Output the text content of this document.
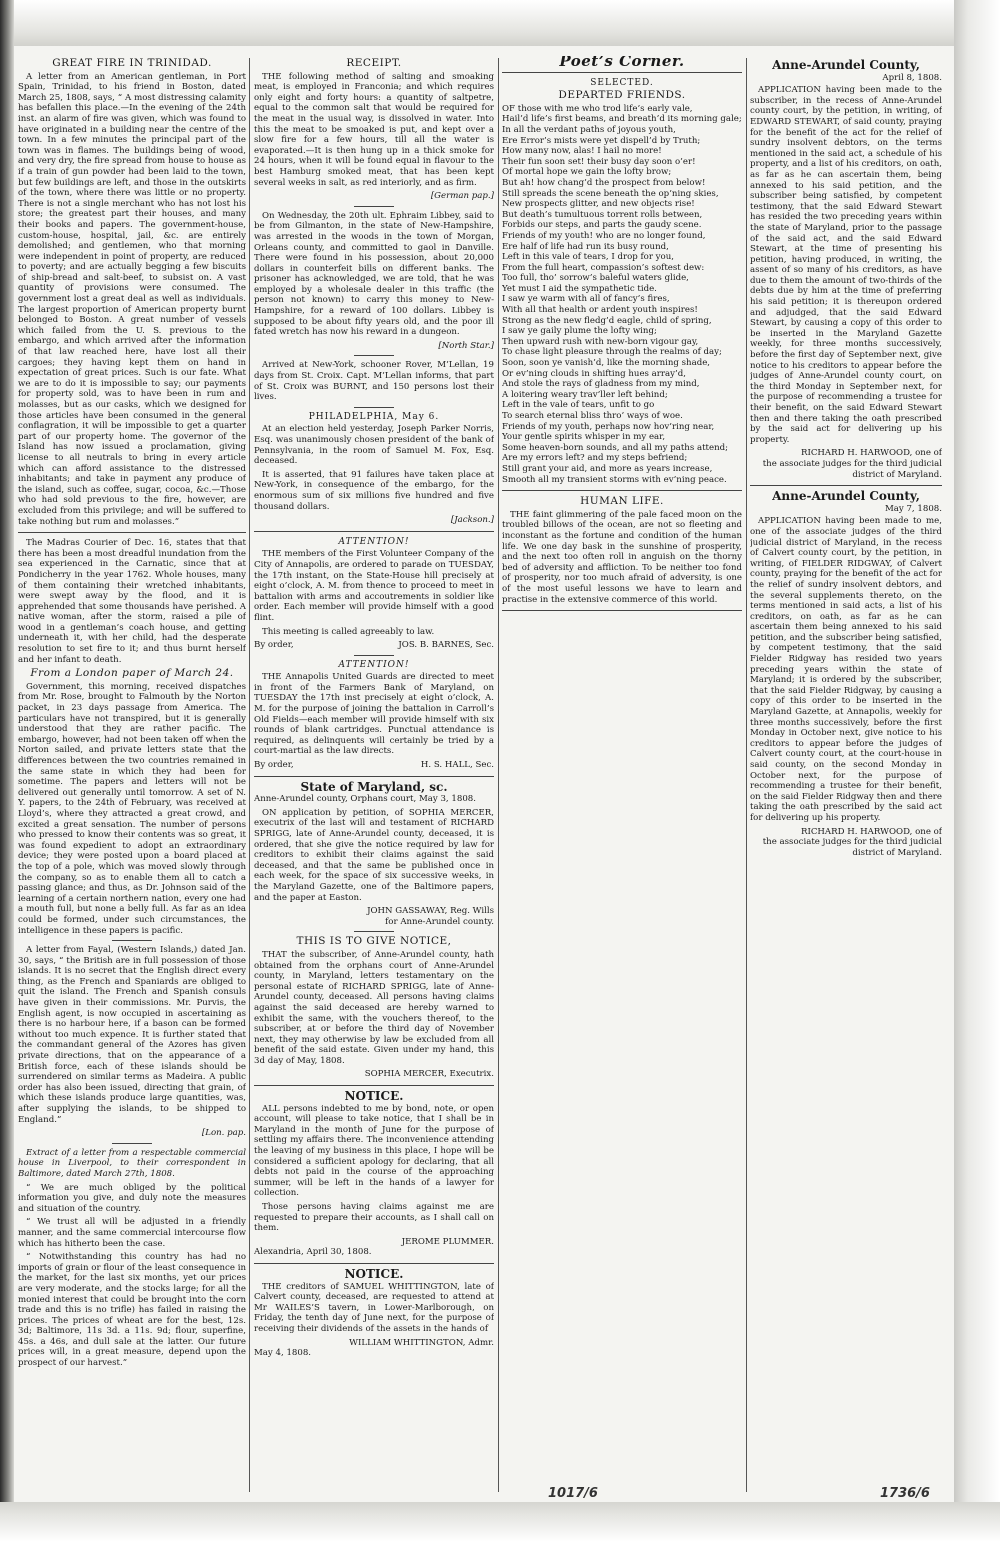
GREAT FIRE IN TRINIDAD.

A letter from an American gentleman, in Port Spain, Trinidad, to his friend in Boston, dated March 25, 1808, says, “ A most distressing calamity has befallen this place.—In the evening of the 24th inst. an alarm of fire was given, which was found to have originated in a building near the centre of the town. In a few minutes the principal part of the town was in flames. The buildings being of wood, and very dry, the fire spread from house to house as if a train of gun powder had been laid to the town, but few buildings are left, and those in the outskirts of the town, where there was little or no property. There is not a single merchant who has not lost his store; the greatest part their houses, and many their books and papers. The government-house, custom-house, hospital, jail, &c. are entirely demolished; and gentlemen, who that morning were independent in point of property, are reduced to poverty; and are actually begging a few biscuits of ship-bread and salt-beef, to subsist on. A vast quantity of provisions were consumed. The government lost a great deal as well as individuals. The largest proportion of American property burnt belonged to Boston. A great number of vessels which failed from the U. S. previous to the embargo, and which arrived after the information of that law reached here, have lost all their cargoes; they having kept them on hand in expectation of great prices. Such is our fate. What we are to do it is impossible to say; our payments for property sold, was to have been in rum and molasses, but as our casks, which we designed for those articles have been consumed in the general conflagration, it will be impossible to get a quarter part of our property home. The governor of the Island has now issued a proclamation, giving license to all neutrals to bring in every article which can afford assistance to the distressed inhabitants; and take in payment any produce of the island, such as coffee, sugar, cocoa, &c.—Those who had sold previous to the fire, however, are excluded from this privilege; and will be suffered to take nothing but rum and molasses.”

The Madras Courier of Dec. 16, states that that there has been a most dreadful inundation from the sea experienced in the Carnatic, since that at Pondicherry in the year 1762. Whole houses, many of them containing their wretched inhabitants, were swept away by the flood, and it is apprehended that some thousands have perished. A native woman, after the storm, raised a pile of wood in a gentleman’s coach house, and getting underneath it, with her child, had the desperate resolution to set fire to it; and thus burnt herself and her infant to death.

From a London paper of March 24.

Government, this morning, received dispatches from Mr. Rose, brought to Falmouth by the Norton packet, in 23 days passage from America. The particulars have not transpired, but it is generally understood that they are rather pacific. The embargo, however, had not been taken off when the Norton sailed, and private letters state that the differences between the two countries remained in the same state in which they had been for sometime. The papers and letters will not be delivered out generally until tomorrow. A set of N. Y. papers, to the 24th of February, was received at Lloyd’s, where they attracted a great crowd, and excited a great sensation. The number of persons who pressed to know their contents was so great, it was found expedient to adopt an extraordinary device; they were posted upon a board placed at the top of a pole, which was moved slowly through the company, so as to enable them all to catch a passing glance; and thus, as Dr. Johnson said of the learning of a certain northern nation, every one had a mouth full, but none a belly full. As far as an idea could be formed, under such circumstances, the intelligence in these papers is pacific.

A letter from Fayal, (Western Islands,) dated Jan. 30, says, “ the British are in full possession of those islands. It is no secret that the English direct every thing, as the French and Spaniards are obliged to quit the island. The French and Spanish consuls have given in their commissions. Mr. Purvis, the English agent, is now occupied in ascertaining as there is no harbour here, if a bason can be formed without too much expence. It is further stated that the commandant general of the Azores has given private directions, that on the appearance of a British force, each of these islands should be surrendered on similar terms as Madeira. A public order has also been issued, directing that grain, of which these islands produce large quantities, was, after supplying the islands, to be shipped to England.”

[Lon. pap.

Extract of a letter from a respectable commercial house in Liverpool, to their correspondent in Baltimore, dated March 27th, 1808.

“ We are much obliged by the political information you give, and duly note the measures and situation of the country.

“ We trust all will be adjusted in a friendly manner, and the same commercial intercourse flow which has hitherto been the case.

“ Notwithstanding this country has had no imports of grain or flour of the least consequence in the market, for the last six months, yet our prices are very moderate, and the stocks large; for all the monied interest that could be brought into the corn trade and this is no trifle) has failed in raising the prices. The prices of wheat are for the best, 12s. 3d; Baltimore, 11s 3d. a 11s. 9d; flour, superfine, 45s. a 46s, and dull sale at the latter. Our future prices will, in a great measure, depend upon the prospect of our harvest.”

RECEIPT.

THE following method of salting and smoaking meat, is employed in Franconia; and which requires only eight and forty hours: a quantity of saltpetre, equal to the common salt that would be required for the meat in the usual way, is dissolved in water. Into this the meat to be smoaked is put, and kept over a slow fire for a few hours, till all the water is evaporated.—It is then hung up in a thick smoke for 24 hours, when it will be found equal in flavour to the best Hamburg smoked meat, that has been kept several weeks in salt, as red interiorly, and as firm.

[German pap.]

On Wednesday, the 20th ult. Ephraim Libbey, said to be from Gilmanton, in the state of New-Hampshire, was arrested in the woods in the town of Morgan, Orleans county, and committed to gaol in Danville. There were found in his possession, about 20,000 dollars in counterfeit bills on different banks. The prisoner has acknowledged, we are told, that he was employed by a wholesale dealer in this traffic (the person not known) to carry this money to New-Hampshire, for a reward of 100 dollars. Libbey is supposed to be about fifty years old, and the poor ill fated wretch has now his reward in a dungeon.

[North Star.]

Arrived at New-York, schooner Rover, M’Lellan, 19 days from St. Croix. Capt. M’Lellan informs, that part of St. Croix was BURNT, and 150 persons lost their lives.

PHILADELPHIA, May 6.

At an election held yesterday, Joseph Parker Norris, Esq. was unanimously chosen president of the bank of Pennsylvania, in the room of Samuel M. Fox, Esq. deceased.

It is asserted, that 91 failures have taken place at New-York, in consequence of the embargo, for the enormous sum of six millions five hundred and five thousand dollars.

[Jackson.]

ATTENTION!

THE members of the First Volunteer Company of the City of Annapolis, are ordered to parade on TUESDAY, the 17th instant, on the State-House hill precisely at eight o’clock, A. M. from thence to proceed to meet in battalion with arms and accoutrements in soldier like order. Each member will provide himself with a good flint.

This meeting is called agreeably to law.

By order,	JOS. B. BARNES, Sec.
ATTENTION!

THE Annapolis United Guards are directed to meet in front of the Farmers Bank of Maryland, on TUESDAY the 17th inst precisely at eight o’clock, A. M. for the purpose of joining the battalion in Carroll’s Old Fields—each member will provide himself with six rounds of blank cartridges. Punctual attendance is required, as delinquents will certainly be tried by a court-martial as the law directs.

By order,	H. S. HALL, Sec.
State of Maryland, sc.

Anne-Arundel county, Orphans court, May 3, 1808.

ON application by petition, of SOPHIA MERCER, executrix of the last will and testament of RICHARD SPRIGG, late of Anne-Arundel county, deceased, it is ordered, that she give the notice required by law for creditors to exhibit their claims against the said deceased, and that the same be published once in each week, for the space of six successive weeks, in the Maryland Gazette, one of the Baltimore papers, and the paper at Easton.

JOHN GASSAWAY, Reg. Wills

for Anne-Arundel county.

THIS IS TO GIVE NOTICE,

THAT the subscriber, of Anne-Arundel county, hath obtained from the orphans court of Anne-Arundel county, in Maryland, letters testamentary on the personal estate of RICHARD SPRIGG, late of Anne-Arundel county, deceased. All persons having claims against the said deceased are hereby warned to exhibit the same, with the vouchers thereof, to the subscriber, at or before the third day of November next, they may otherwise by law be excluded from all benefit of the said estate. Given under my hand, this 3d day of May, 1808.

SOPHIA MERCER, Executrix.

NOTICE.

ALL persons indebted to me by bond, note, or open account, will please to take notice, that I shall be in Maryland in the month of June for the purpose of settling my affairs there. The inconvenience attending the leaving of my business in this place, I hope will be considered a sufficient apology for declaring, that all debts not paid in the course of the approaching summer, will be left in the hands of a lawyer for collection.

Those persons having claims against me are requested to prepare their accounts, as I shall call on them.

JEROME PLUMMER.

Alexandria, April 30, 1808.

NOTICE.

THE creditors of SAMUEL WHITTINGTON, late of Calvert county, deceased, are requested to attend at Mr WAILES’S tavern, in Lower-Marlborough, on Friday, the tenth day of June next, for the purpose of receiving their dividends of the assets in the hands of

WILLIAM WHITTINGTON, Admr.

May 4, 1808.

Poet’s Corner.
SELECTED.
DEPARTED FRIENDS.

OF those with me who trod life’s early vale,

Hail’d life’s first beams, and breath’d its morning gale;

In all the verdant paths of joyous youth,

Ere Error’s mists were yet dispell’d by Truth;

How many now, alas! I hail no more!

Their fun soon set! their busy day soon o’er!

Of mortal hope we gain the lofty brow;

But ah! how chang’d the prospect from below!

Still spreads the scene beneath the op’ning skies,

New prospects glitter, and new objects rise!

But death’s tumultuous torrent rolls between,

Forbids our steps, and parts the gaudy scene.

Friends of my youth! who are no longer found,

Ere half of life had run its busy round,

Left in this vale of tears, I drop for you,

From the full heart, compassion’s softest dew:

Too full, tho’ sorrow’s baleful waters glide,

Yet must I aid the sympathetic tide.

I saw ye warm with all of fancy’s fires,

With all that health or ardent youth inspires!

Strong as the new fledg’d eagle, child of spring,

I saw ye gaily plume the lofty wing;

Then upward rush with new-born vigour gay,

To chase light pleasure through the realms of day;

Soon, soon ye vanish’d, like the morning shade,

Or ev’ning clouds in shifting hues array’d,

And stole the rays of gladness from my mind,

A loitering weary trav’ller left behind;

Left in the vale of tears, unfit to go

To search eternal bliss thro’ ways of woe.

Friends of my youth, perhaps now hov’ring near,

Your gentle spirits whisper in my ear,

Some heaven-born sounds, and all my paths attend;

Are my errors left? and my steps befriend;

Still grant your aid, and more as years increase,

Smooth all my transient storms with ev’ning peace.

HUMAN LIFE.

THE faint glimmering of the pale faced moon on the troubled billows of the ocean, are not so fleeting and inconstant as the fortune and condition of the human life. We one day bask in the sunshine of prosperity, and the next too often roll in anguish on the thorny bed of adversity and affliction. To be neither too fond of prosperity, nor too much afraid of adversity, is one of the most useful lessons we have to learn and practise in the extensive commerce of this world.

Anne-Arundel County,

April 8, 1808.

APPLICATION having been made to the subscriber, in the recess of Anne-Arundel county court, by the petition, in writing, of EDWARD STEWART, of said county, praying for the benefit of the act for the relief of sundry insolvent debtors, on the terms mentioned in the said act, a schedule of his property, and a list of his creditors, on oath, as far as he can ascertain them, being annexed to his said petition, and the subscriber being satisfied, by competent testimony, that the said Edward Stewart has resided the two preceding years within the state of Maryland, prior to the passage of the said act, and the said Edward Stewart, at the time of presenting his petition, having produced, in writing, the assent of so many of his creditors, as have due to them the amount of two-thirds of the debts due by him at the time of preferring his said petition; it is thereupon ordered and adjudged, that the said Edward Stewart, by causing a copy of this order to be inserted in the Maryland Gazette weekly, for three months successively, before the first day of September next, give notice to his creditors to appear before the judges of Anne-Arundel county court, on the third Monday in September next, for the purpose of recommending a trustee for their benefit, on the said Edward Stewart then and there taking the oath prescribed by the said act for delivering up his property.

RICHARD H. HARWOOD, one of

the associate judges for the third judicial district of Maryland.

Anne-Arundel County,

May 7, 1808.

APPLICATION having been made to me, one of the associate judges of the third judicial district of Maryland, in the recess of Calvert county court, by the petition, in writing, of FIELDER RIDGWAY, of Calvert county, praying for the benefit of the act for the relief of sundry insolvent debtors, and the several supplements thereto, on the terms mentioned in said acts, a list of his creditors, on oath, as far as he can ascertain them being annexed to his said petition, and the subscriber being satisfied, by competent testimony, that the said Fielder Ridgway has resided two years preceding years within the state of Maryland; it is ordered by the subscriber, that the said Fielder Ridgway, by causing a copy of this order to be inserted in the Maryland Gazette, at Annapolis, weekly for three months successively, before the first Monday in October next, give notice to his creditors to appear before the judges of Calvert county court, at the court-house in said county, on the second Monday in October next, for the purpose of recommending a trustee for their benefit, on the said Fielder Ridgway then and there taking the oath prescribed by the said act for delivering up his property.

RICHARD H. HARWOOD, one of

the associate judges for the third judicial district of Maryland.

1017/6	1736/6
